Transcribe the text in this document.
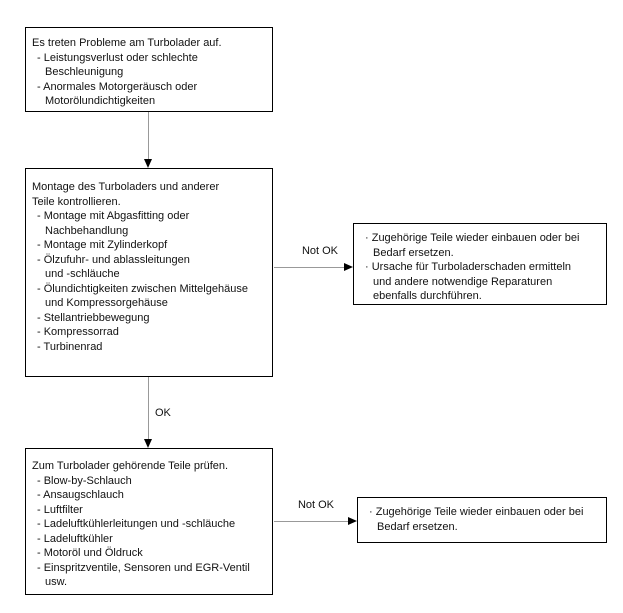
Es treten Probleme am Turbolader auf.
- Leistungsverlust oder schlechte
Beschleunigung
- Anormales Motorgeräusch oder
Motorölundichtigkeiten
Montage des Turboladers und anderer
Teile kontrollieren.
- Montage mit Abgasfitting oder
Nachbehandlung
- Montage mit Zylinderkopf
- Ölzufuhr- und ablassleitungen
und -schläuche
- Ölundichtigkeiten zwischen Mittelgehäuse
und Kompressorgehäuse
- Stellantriebbewegung
- Kompressorrad
- Turbinenrad
Not OK
· Zugehörige Teile wieder einbauen oder bei
Bedarf ersetzen.
· Ursache für Turboladerschaden ermitteln
und andere notwendige Reparaturen
ebenfalls durchführen.
OK
Zum Turbolader gehörende Teile prüfen.
- Blow-by-Schlauch
- Ansaugschlauch
- Luftfilter
- Ladeluftkühlerleitungen und -schläuche
- Ladeluftkühler
- Motoröl und Öldruck
- Einspritzventile, Sensoren und EGR-Ventil
usw.
Not OK
· Zugehörige Teile wieder einbauen oder bei
Bedarf ersetzen.
